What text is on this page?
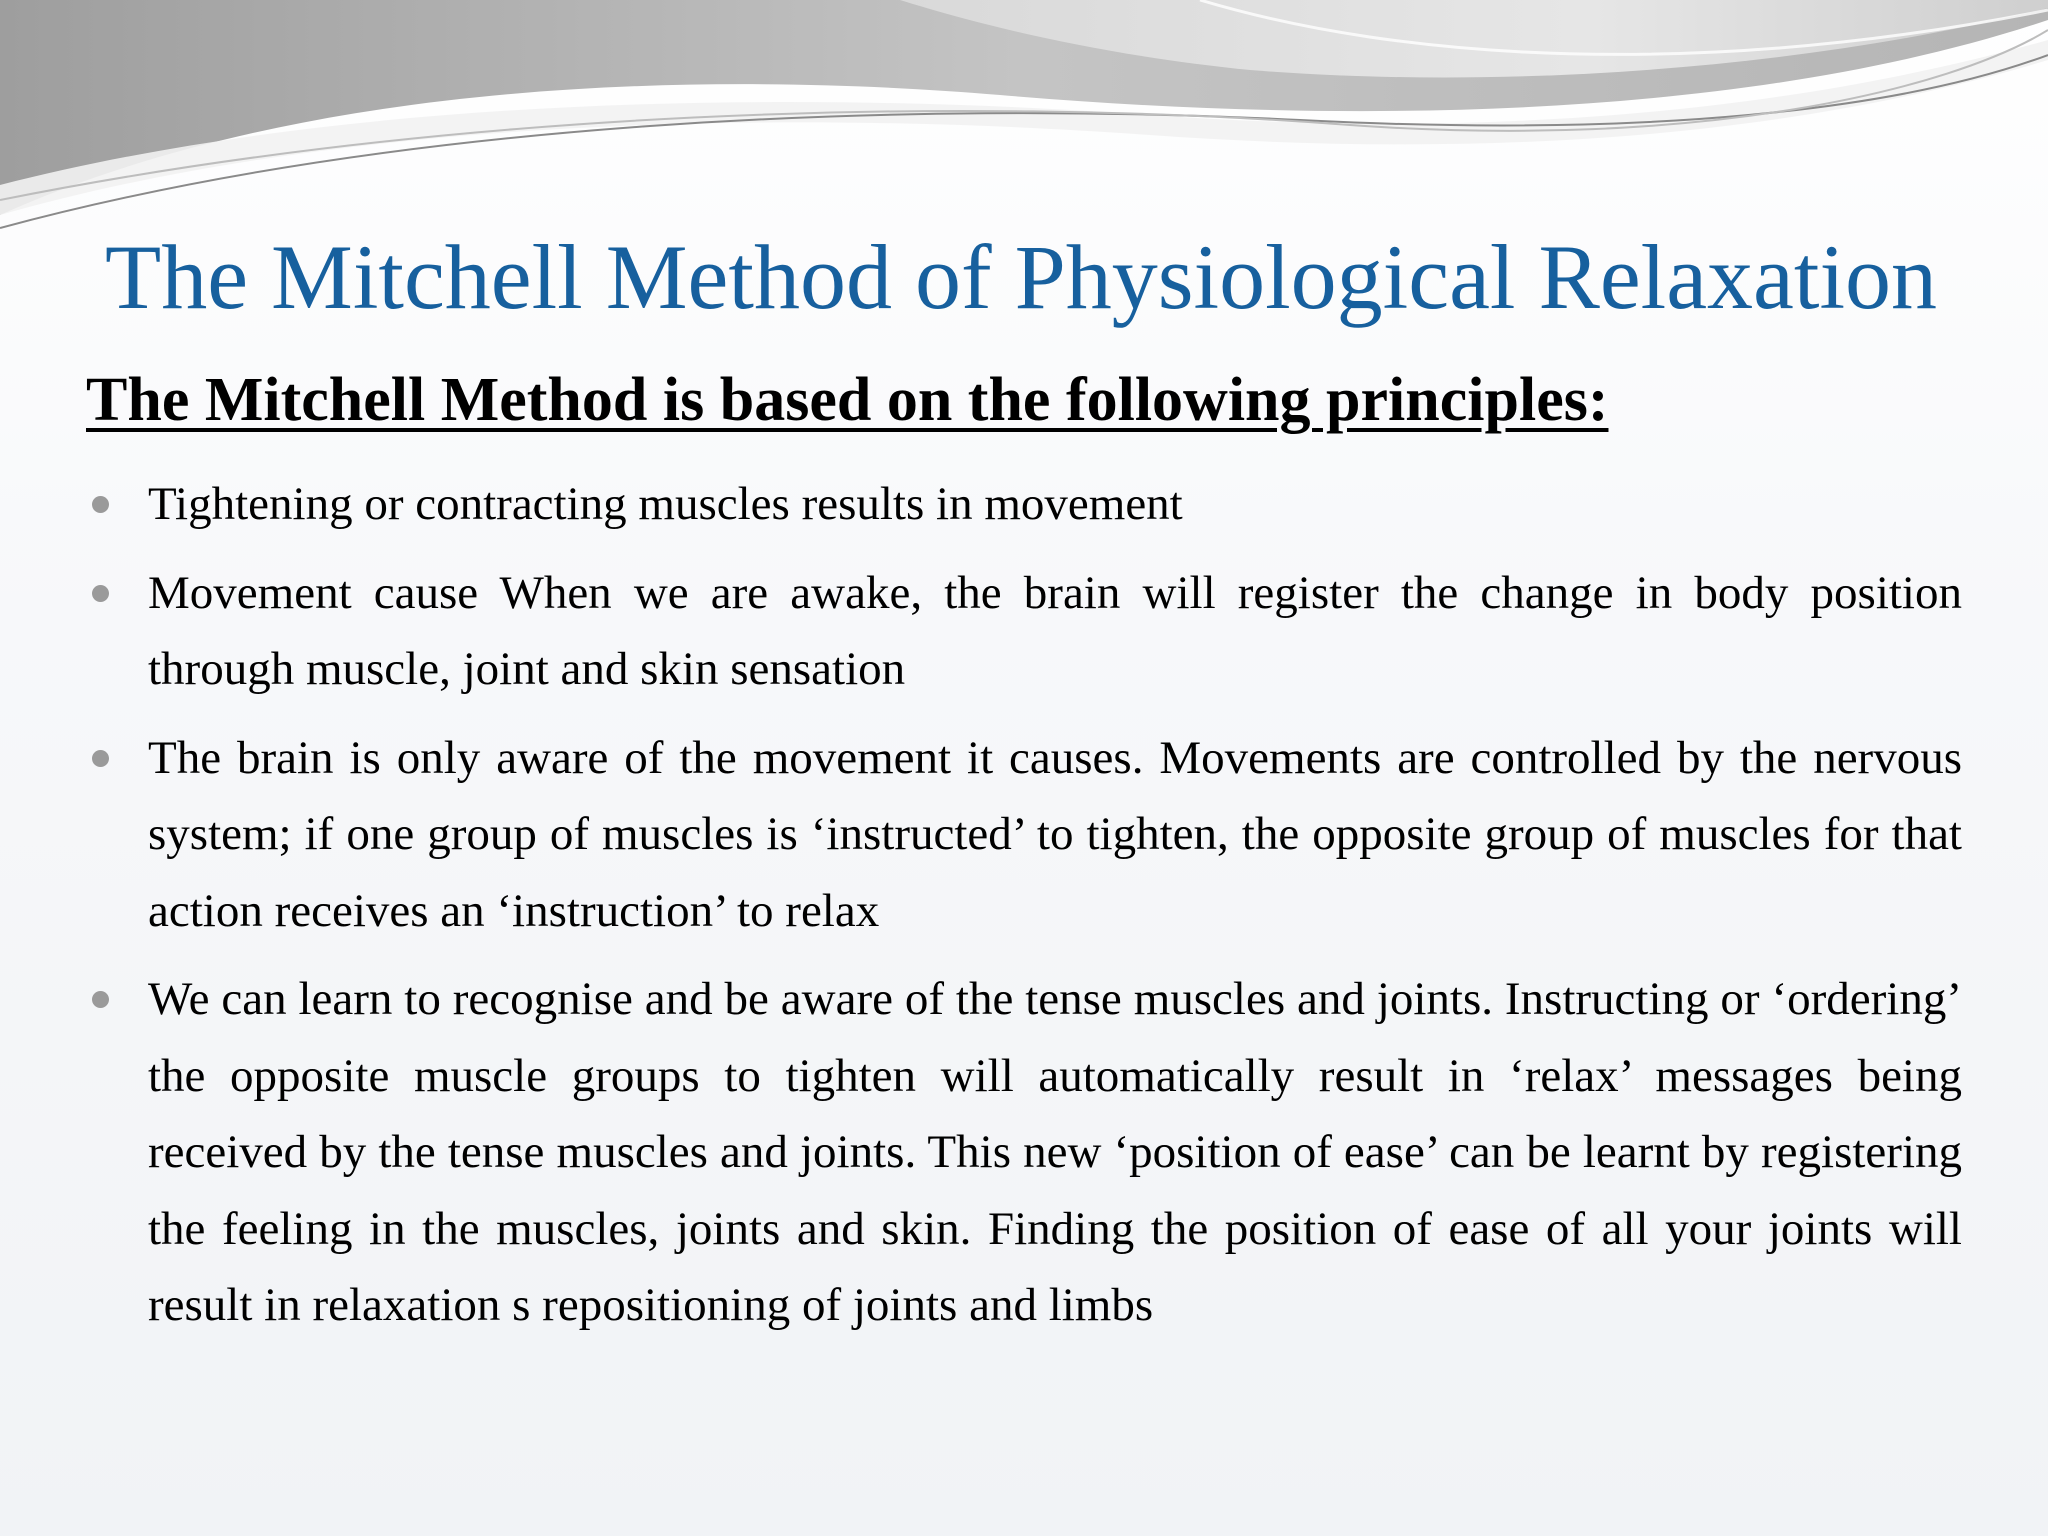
The Mitchell Method of Physiological Relaxation
The Mitchell Method is based on the following principles:
Tightening or contracting muscles results in movement
Movement cause When we are awake, the brain will register the change in body position through muscle, joint and skin sensation
The brain is only aware of the movement it causes. Movements are controlled by the nervous system; if one group of muscles is ‘instructed’ to tighten, the opposite group of muscles for that action receives an ‘instruction’ to relax
We can learn to recognise and be aware of the tense muscles and joints. Instructing or ‘ordering’ the opposite muscle groups to tighten will automatically result in ‘relax’ messages being received by the tense muscles and joints. This new ‘position of ease’ can be learnt by registering the feeling in the muscles, joints and skin. Finding the position of ease of all your joints will result in relaxation s repositioning of joints and limbs
